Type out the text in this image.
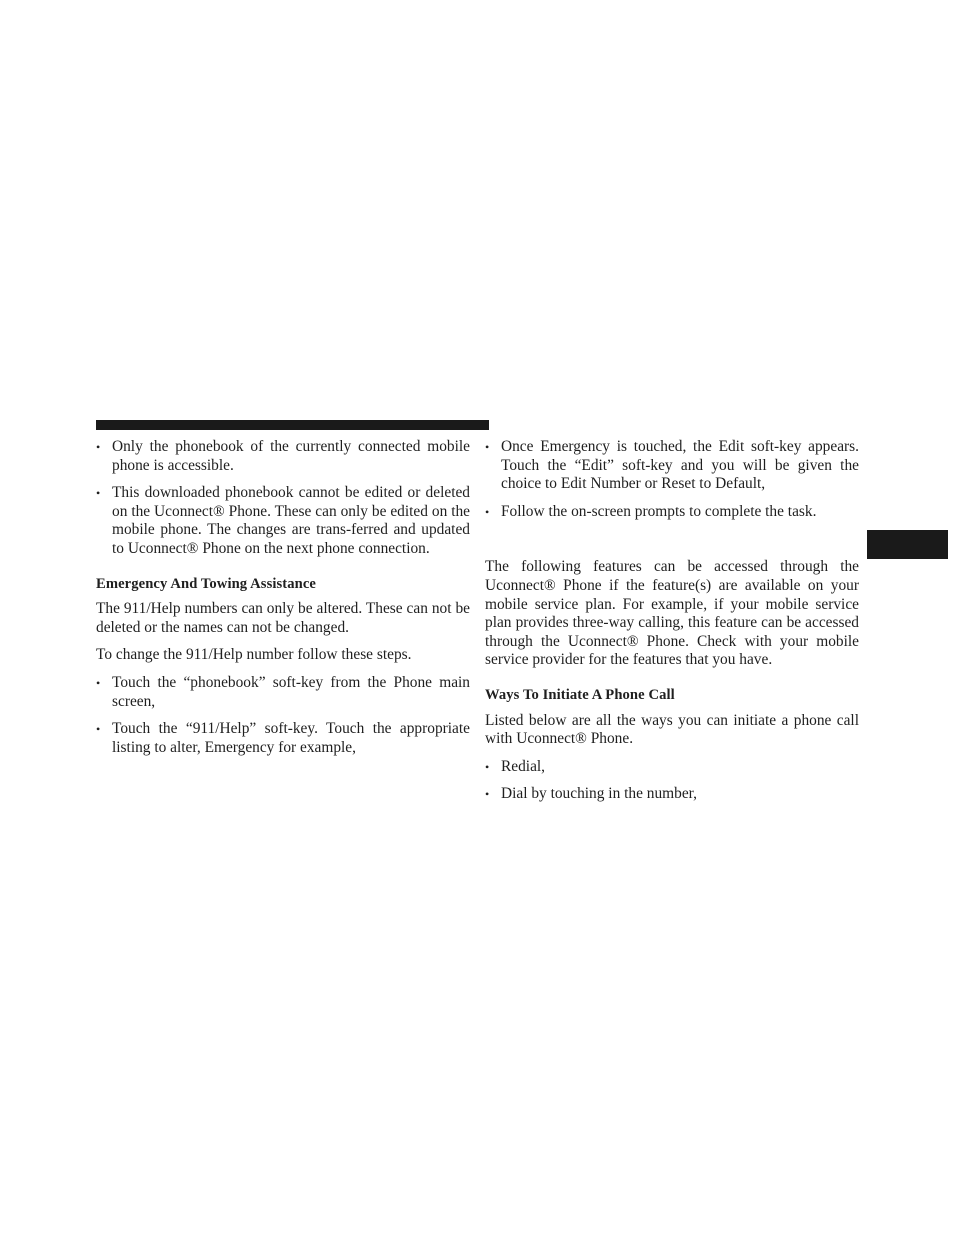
• Only the phonebook of the currently connected mobile phone is accessible.
• This downloaded phonebook cannot be edited or deleted on the Uconnect® Phone. These can only be edited on the mobile phone. The changes are trans-ferred and updated to Uconnect® Phone on the next phone connection.
Emergency And Towing Assistance
The 911/Help numbers can only be altered. These can not be deleted or the names can not be changed.
To change the 911/Help number follow these steps.
• Touch the “phonebook” soft-key from the Phone main screen,
• Touch the “911/Help” soft-key. Touch the appropriate listing to alter, Emergency for example,
• Once Emergency is touched, the Edit soft-key appears. Touch the “Edit” soft-key and you will be given the choice to Edit Number or Reset to Default,
• Follow the on-screen prompts to complete the task.
The following features can be accessed through the Uconnect® Phone if the feature(s) are available on your mobile service plan. For example, if your mobile service plan provides three-way calling, this feature can be accessed through the Uconnect® Phone. Check with your mobile service provider for the features that you have.
Ways To Initiate A Phone Call
Listed below are all the ways you can initiate a phone call with Uconnect® Phone.
• Redial,
• Dial by touching in the number,
